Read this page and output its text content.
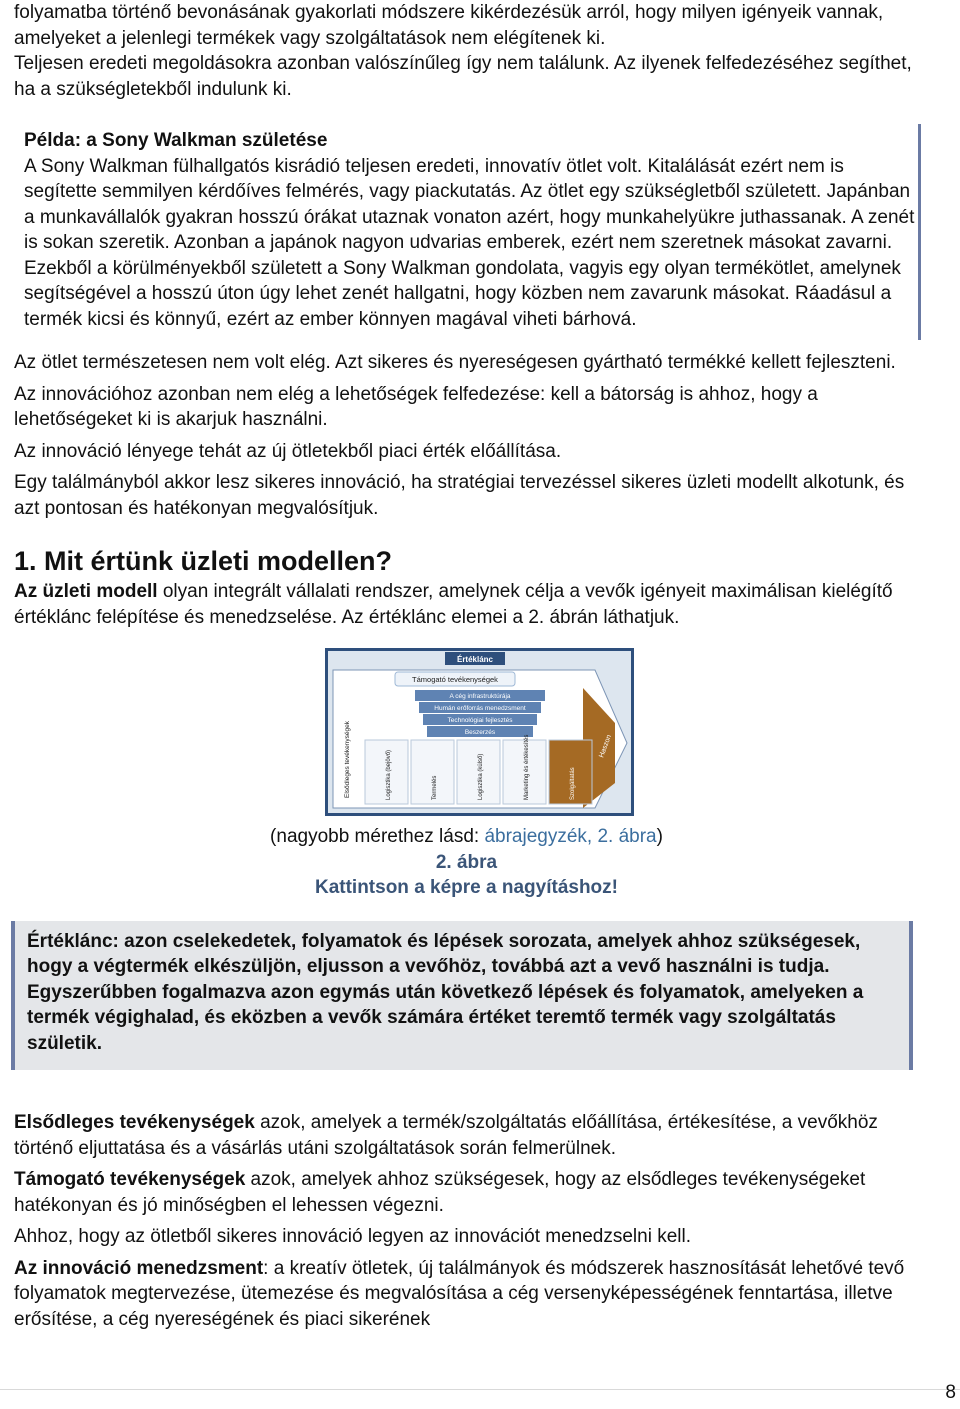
folyamatba történő bevonásának gyakorlati módszere kikérdezésük arról, hogy milyen igényeik vannak, amelyeket a jelenlegi termékek vagy szolgáltatások nem elégítenek ki.

Teljesen eredeti megoldásokra azonban valószínűleg így nem találunk. Az ilyenek felfedezéséhez segíthet, ha a szükségletekből indulunk ki.

Példa: a Sony Walkman születése

A Sony Walkman fülhallgatós kisrádió teljesen eredeti, innovatív ötlet volt. Kitalálását ezért nem is segítette semmilyen kérdőíves felmérés, vagy piackutatás. Az ötlet egy szükségletből született. Japánban a munkavállalók gyakran hosszú órákat utaznak vonaton azért, hogy munkahelyükre juthassanak. A zenét is sokan szeretik. Azonban a japánok nagyon udvarias emberek, ezért nem szeretnek másokat zavarni. Ezekből a körülményekből született a Sony Walkman gondolata, vagyis egy olyan termékötlet, amelynek segítségével a hosszú úton úgy lehet zenét hallgatni, hogy közben nem zavarunk másokat. Ráadásul a termék kicsi és könnyű, ezért az ember könnyen magával viheti bárhová.

Az ötlet természetesen nem volt elég. Azt sikeres és nyereségesen gyártható termékké kellett fejleszteni.

Az innovációhoz azonban nem elég a lehetőségek felfedezése: kell a bátorság is ahhoz, hogy a lehetőségeket ki is akarjuk használni.

Az innováció lényege tehát az új ötletekből piaci érték előállítása.

Egy találmányból akkor lesz sikeres innováció, ha stratégiai tervezéssel sikeres üzleti modellt alkotunk, és azt pontosan és hatékonyan megvalósítjuk.

1. Mit értünk üzleti modellen?

Az üzleti modell olyan integrált vállalati rendszer, amelynek célja a vevők igényeit maximálisan kielégítő értéklánc felépítése és menedzselése. Az értéklánc elemei a 2. ábrán láthatjuk.

Értéklánc
Támogató tevékenységek
A cég infrastruktúrája
Humán erőforrás menedzsment
Technológiai fejlesztés
Beszerzés
Haszon
Logisztika (bejövő)	Termelés	Logisztika (külső)	Marketing és értékesítés	Szolgáltatás
Elsődleges tevékenységek
(nagyobb mérethez lásd: ábrajegyzék, 2. ábra)
2. ábra
Kattintson a képre a nagyításhoz!
Értéklánc: azon cselekedetek, folyamatok és lépések sorozata, amelyek ahhoz szükségesek, hogy a végtermék elkészüljön, eljusson a vevőhöz, továbbá azt a vevő használni is tudja. Egyszerűbben fogalmazva azon egymás után következő lépések és folyamatok, amelyeken a termék végighalad, és eközben a vevők számára értéket teremtő termék vagy szolgáltatás születik.

Elsődleges tevékenységek azok, amelyek a termék/szolgáltatás előállítása, értékesítése, a vevőkhöz történő eljuttatása és a vásárlás utáni szolgáltatások során felmerülnek.

Támogató tevékenységek azok, amelyek ahhoz szükségesek, hogy az elsődleges tevékenységeket hatékonyan és jó minőségben el lehessen végezni.

Ahhoz, hogy az ötletből sikeres innováció legyen az innovációt menedzselni kell.

Az innováció menedzsment: a kreatív ötletek, új találmányok és módszerek hasznosítását lehetővé tevő folyamatok megtervezése, ütemezése és megvalósítása a cég versenyképességének fenntartása, illetve erősítése, a cég nyereségének és piaci sikerének

8
